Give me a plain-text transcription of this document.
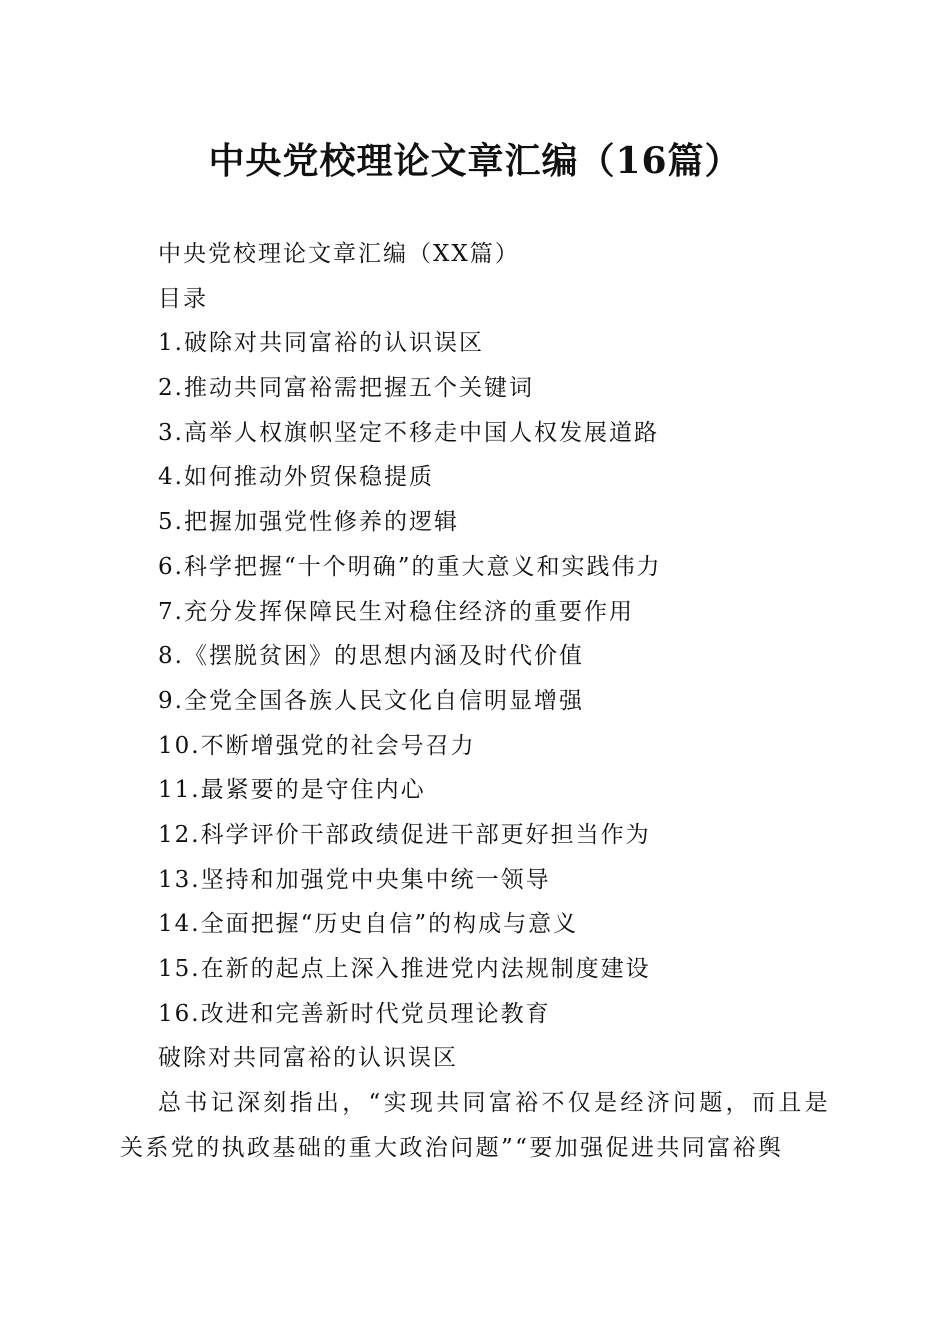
中央党校理论文章汇编（16篇）
中央党校理论文章汇编（XX篇）
目录
1.破除对共同富裕的认识误区
2.推动共同富裕需把握五个关键词
3.高举人权旗帜坚定不移走中国人权发展道路
4.如何推动外贸保稳提质
5.把握加强党性修养的逻辑
6.科学把握“十个明确”的重大意义和实践伟力
7.充分发挥保障民生对稳住经济的重要作用
8.《摆脱贫困》的思想内涵及时代价值
9.全党全国各族人民文化自信明显增强
10.不断增强党的社会号召力
11.最紧要的是守住内心
12.科学评价干部政绩促进干部更好担当作为
13.坚持和加强党中央集中统一领导
14.全面把握“历史自信”的构成与意义
15.在新的起点上深入推进党内法规制度建设
16.改进和完善新时代党员理论教育
破除对共同富裕的认识误区

总书记深刻指出，“实现共同富裕不仅是经济问题，而且是关系党的执政基础的重大政治问题”“要加强促进共同富裕舆
